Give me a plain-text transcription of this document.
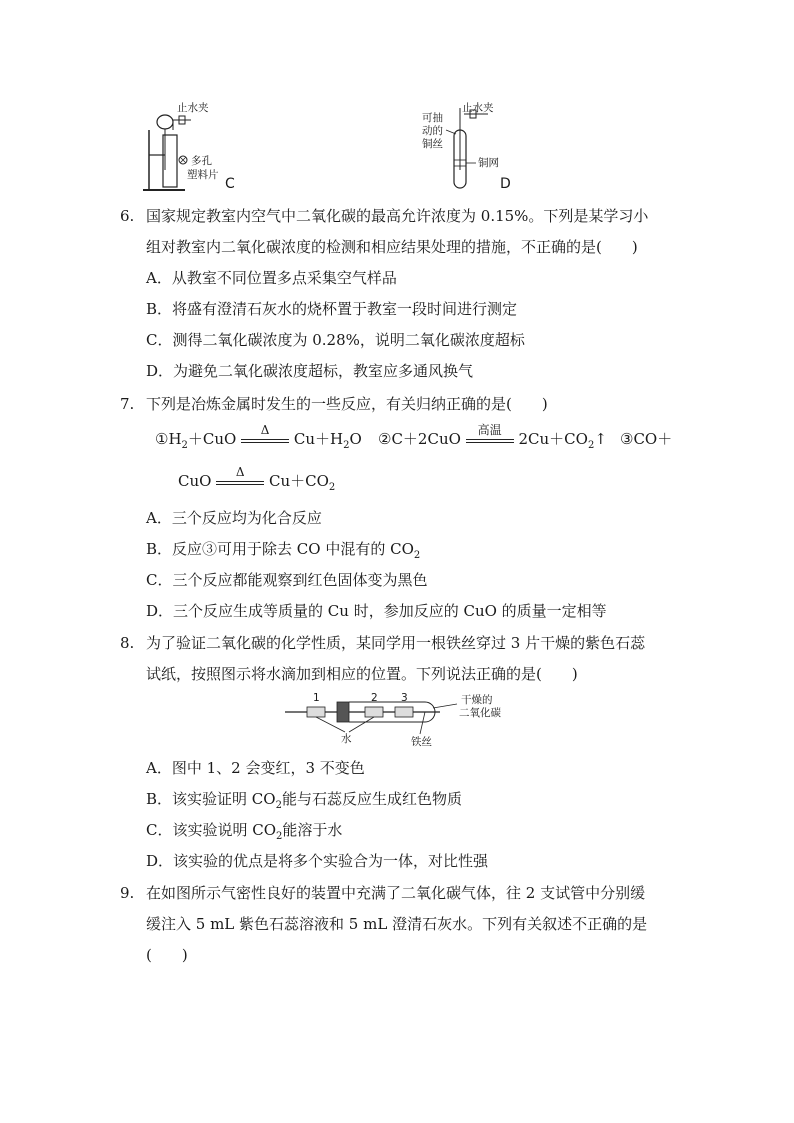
止水夹
多孔
塑料片
C
可抽
动的
铜丝
止水夹
铜网
D
6. 国家规定教室内空气中二氧化碳的最高允许浓度为 0.15%。下列是某学习小
组对教室内二氧化碳浓度的检测和相应结果处理的措施，不正确的是(　　)
A．从教室不同位置多点采集空气样品
B．将盛有澄清石灰水的烧杯置于教室一段时间进行测定
C．测得二氧化碳浓度为 0.28%，说明二氧化碳浓度超标
D．为避免二氧化碳浓度超标，教室应多通风换气
7. 下列是冶炼金属时发生的一些反应，有关归纳正确的是(　　)
$①H_2+CuO$	Δ	$Cu+H_2O$ ②C＋2CuO	高温	$2Cu+CO_2↑$ ③CO＋
CuO	Δ	$Cu+CO_2$
A．三个反应均为化合反应
B．反应③可用于除去 CO 中混有的 $CO_2$
C．三个反应都能观察到红色固体变为黑色
D．三个反应生成等质量的 Cu 时，参加反应的 CuO 的质量一定相等
8. 为了验证二氧化碳的化学性质，某同学用一根铁丝穿过 3 片干燥的紫色石蕊
试纸，按照图示将水滴加到相应的位置。下列说法正确的是(　　)
1	2 3
水	铁丝
干燥的
二氧化碳
A．图中 1、2 会变红，3 不变色
B．该实验证明 $CO_2$能与石蕊反应生成红色物质
C．该实验说明 $CO_2$能溶于水
D．该实验的优点是将多个实验合为一体，对比性强
9. 在如图所示气密性良好的装置中充满了二氧化碳气体，往 2 支试管中分别缓
缓注入 5 mL 紫色石蕊溶液和 5 mL 澄清石灰水。下列有关叙述不正确的是
(　　)
